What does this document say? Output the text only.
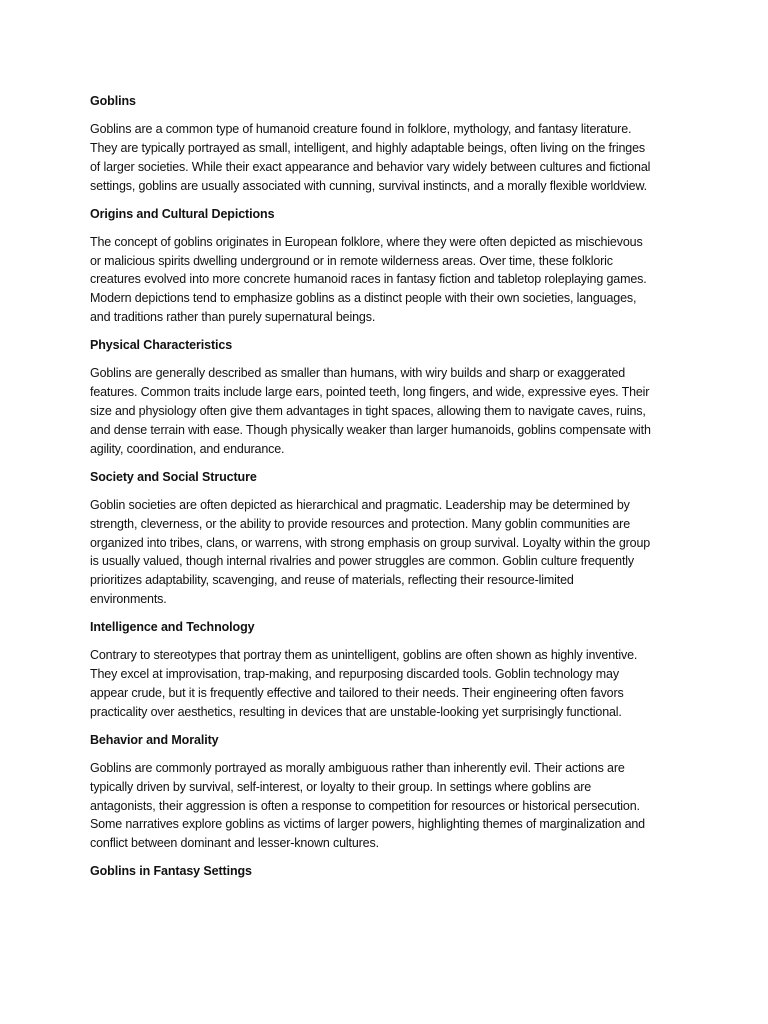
Goblins
Goblins are a common type of humanoid creature found in folklore, mythology, and fantasy literature.
They are typically portrayed as small, intelligent, and highly adaptable beings, often living on the fringes
of larger societies. While their exact appearance and behavior vary widely between cultures and fictional
settings, goblins are usually associated with cunning, survival instincts, and a morally flexible worldview.
Origins and Cultural Depictions
The concept of goblins originates in European folklore, where they were often depicted as mischievous
or malicious spirits dwelling underground or in remote wilderness areas. Over time, these folkloric
creatures evolved into more concrete humanoid races in fantasy fiction and tabletop roleplaying games.
Modern depictions tend to emphasize goblins as a distinct people with their own societies, languages,
and traditions rather than purely supernatural beings.
Physical Characteristics
Goblins are generally described as smaller than humans, with wiry builds and sharp or exaggerated
features. Common traits include large ears, pointed teeth, long fingers, and wide, expressive eyes. Their
size and physiology often give them advantages in tight spaces, allowing them to navigate caves, ruins,
and dense terrain with ease. Though physically weaker than larger humanoids, goblins compensate with
agility, coordination, and endurance.
Society and Social Structure
Goblin societies are often depicted as hierarchical and pragmatic. Leadership may be determined by
strength, cleverness, or the ability to provide resources and protection. Many goblin communities are
organized into tribes, clans, or warrens, with strong emphasis on group survival. Loyalty within the group
is usually valued, though internal rivalries and power struggles are common. Goblin culture frequently
prioritizes adaptability, scavenging, and reuse of materials, reflecting their resource-limited
environments.
Intelligence and Technology
Contrary to stereotypes that portray them as unintelligent, goblins are often shown as highly inventive.
They excel at improvisation, trap-making, and repurposing discarded tools. Goblin technology may
appear crude, but it is frequently effective and tailored to their needs. Their engineering often favors
practicality over aesthetics, resulting in devices that are unstable-looking yet surprisingly functional.
Behavior and Morality
Goblins are commonly portrayed as morally ambiguous rather than inherently evil. Their actions are
typically driven by survival, self-interest, or loyalty to their group. In settings where goblins are
antagonists, their aggression is often a response to competition for resources or historical persecution.
Some narratives explore goblins as victims of larger powers, highlighting themes of marginalization and
conflict between dominant and lesser-known cultures.
Goblins in Fantasy Settings
